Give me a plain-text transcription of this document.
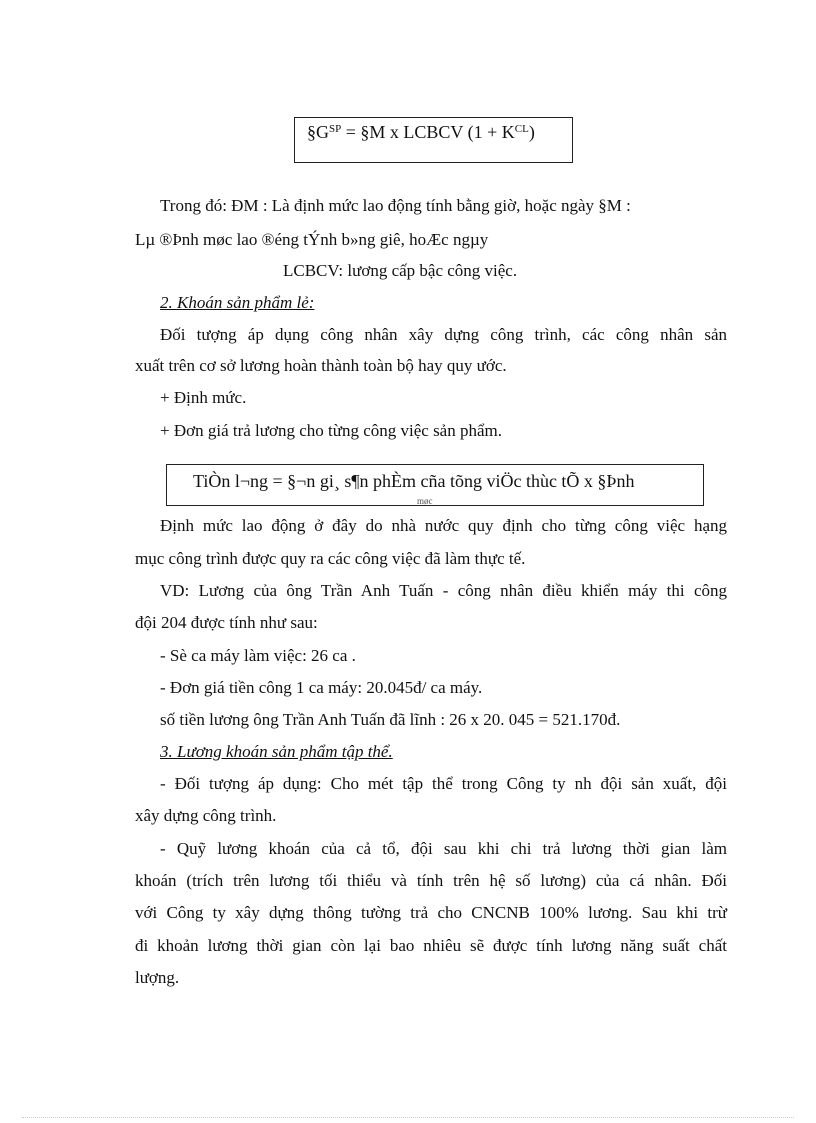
$\S G^{SP}$ = §M x LCBCV $(1 + K^{CL})$
Trong đó: ĐM : Là định mức lao động tính bằng giờ, hoặc ngày §M :
Lµ ®Þnh møc lao ®éng tÝnh b»ng giê, hoÆc ngµy
LCBCV: lương cấp bậc công việc.
2. Khoán sản phẩm lẻ:
Đối tượng áp dụng công nhân xây dựng công trình, các công nhân sản
xuất trên cơ sở lương hoàn thành toàn bộ hay quy ước.
+ Định mức.
+ Đơn giá trả lương cho từng công việc sản phẩm.
TiÒn l¬ng = §¬n gi¸ s¶n phÈm cña tõng viÖc thùc tÕ x §Þnh
møc
Định mức lao động ở đây do nhà nước quy định cho từng công việc hạng
mục công trình được quy ra các công việc đã làm thực tế.
VD: Lương của ông Trần Anh Tuấn - công nhân điều khiển máy thi công
đội 204 được tính như sau:
- Sè ca máy làm việc: 26 ca .
- Đơn giá tiền công 1 ca máy: 20.045đ/ ca máy.
số tiền lương ông Trần Anh Tuấn đã lĩnh : 26 x 20. 045 = 521.170đ.
3. Lương khoán sản phẩm tập thể.
- Đối tượng áp dụng: Cho mét tập thể trong Công ty nh đội sản xuất, đội
xây dựng công trình.
- Quỹ lương khoán của cả tổ, đội sau khi chi trả lương thời gian làm
khoán (trích trên lương tối thiểu và tính trên hệ số lương) của cá nhân. Đối
với Công ty xây dựng thông tường trả cho CNCNB 100% lương. Sau khi trừ
đi khoản lương thời gian còn lại bao nhiêu sẽ được tính lương năng suất chất
lượng.
